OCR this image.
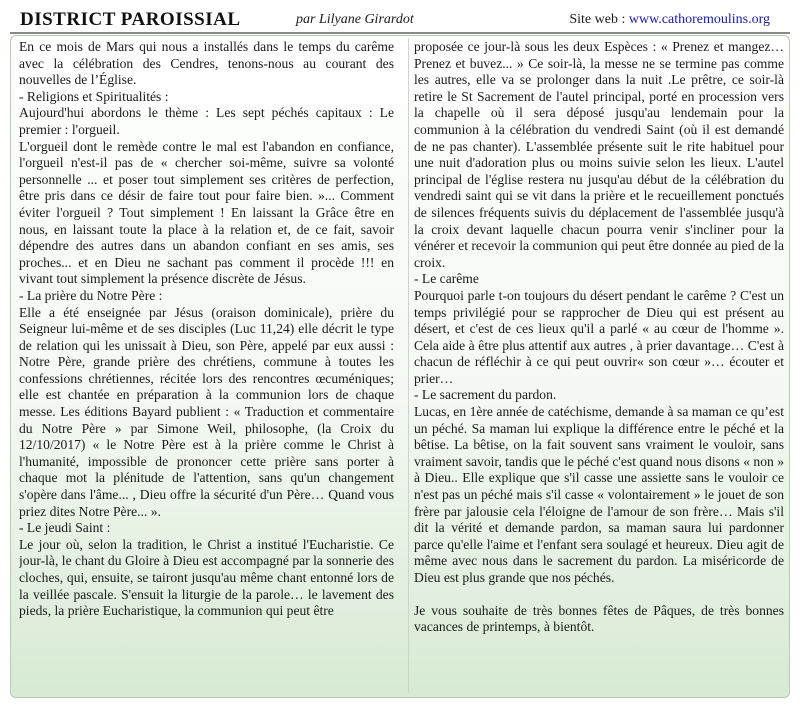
DISTRICT PAROISSIAL	par Lilyane Girardot	Site web : www.cathoremoulins.org

En ce mois de Mars qui nous a installés dans le temps du carême avec la célébration des Cendres, tenons-nous au courant des nouvelles de l’Église.

- Religions et Spiritualités :

Aujourd'hui abordons le thème : Les sept péchés capitaux : Le premier : l'orgueil.

L'orgueil dont le remède contre le mal est l'abandon en confiance, l'orgueil n'est-il pas de « chercher soi-même, suivre sa volonté personnelle ... et poser tout simplement ses critères de perfection, être pris dans ce désir de faire tout pour faire bien. »... Comment éviter l'orgueil ? Tout simplement ! En laissant la Grâce être en nous, en laissant toute la place à la relation et, de ce fait, savoir dépendre des autres dans un abandon confiant en ses amis, ses proches... et en Dieu ne sachant pas comment il procède !!! en vivant tout simplement la présence discrète de Jésus.

- La prière du Notre Père :

Elle a été enseignée par Jésus (oraison dominicale), prière du Seigneur lui-même et de ses disciples (Luc 11,24) elle décrit le type de relation qui les unissait à Dieu, son Père, appelé par eux aussi : Notre Père, grande prière des chrétiens, commune à toutes les confessions chrétiennes, récitée lors des rencontres œcuméniques; elle est chantée en préparation à la communion lors de chaque messe. Les éditions Bayard publient : « Traduction et commentaire du Notre Père » par Simone Weil, philosophe, (la Croix du 12/10/2017) « le Notre Père est à la prière comme le Christ à l'humanité, impossible de prononcer cette prière sans porter à chaque mot la plénitude de l'attention, sans qu'un changement s'opère dans l'âme... , Dieu offre la sécurité d'un Père… Quand vous priez dites Notre Père... ».

- Le jeudi Saint :

Le jour où, selon la tradition, le Christ a institué l'Eucharistie. Ce jour-là, le chant du Gloire à Dieu est accompagné par la sonnerie des cloches, qui, ensuite, se tairont jusqu'au même chant entonné lors de la veillée pascale. S'ensuit la liturgie de la parole… le lavement des pieds, la prière Eucharistique, la communion qui peut être

proposée ce jour-là sous les deux Espèces : « Prenez et mangez… Prenez et buvez... » Ce soir-là, la messe ne se termine pas comme les autres, elle va se prolonger dans la nuit .Le prêtre, ce soir-là retire le St Sacrement de l'autel principal, porté en procession vers la chapelle où il sera déposé jusqu'au lendemain pour la communion à la célébration du vendredi Saint (où il est demandé de ne pas chanter). L'assemblée présente suit le rite habituel pour une nuit d'adoration plus ou moins suivie selon les lieux. L'autel principal de l'église restera nu jusqu'au début de la célébration du vendredi saint qui se vit dans la prière et le recueillement ponctués de silences fréquents suivis du déplacement de l'assemblée jusqu'à la croix devant laquelle chacun pourra venir s'incliner pour la vénérer et recevoir la communion qui peut être donnée au pied de la croix.

- Le carême

Pourquoi parle t-on toujours du désert pendant le carême ? C'est un temps privilégié pour se rapprocher de Dieu qui est présent au désert, et c'est de ces lieux qu'il a parlé « au cœur de l'homme ». Cela aide à être plus attentif aux autres , à prier davantage… C'est à chacun de réfléchir à ce qui peut ouvrir« son cœur »… écouter et prier…

- Le sacrement du pardon.

Lucas, en 1ère année de catéchisme, demande à sa maman ce qu’est un péché. Sa maman lui explique la différence entre le péché et la bêtise. La bêtise, on la fait souvent sans vraiment le vouloir, sans vraiment savoir, tandis que le péché c'est quand nous disons « non » à Dieu.. Elle explique que s'il casse une assiette sans le vouloir ce n'est pas un péché mais s'il casse « volontairement » le jouet de son frère par jalousie cela l'éloigne de l'amour de son frère… Mais s'il dit la vérité et demande pardon, sa maman saura lui pardonner parce qu'elle l'aime et l'enfant sera soulagé et heureux. Dieu agit de même avec nous dans le sacrement du pardon. La miséricorde de Dieu est plus grande que nos péchés.

Je vous souhaite de très bonnes fêtes de Pâques, de très bonnes vacances de printemps, à bientôt.
